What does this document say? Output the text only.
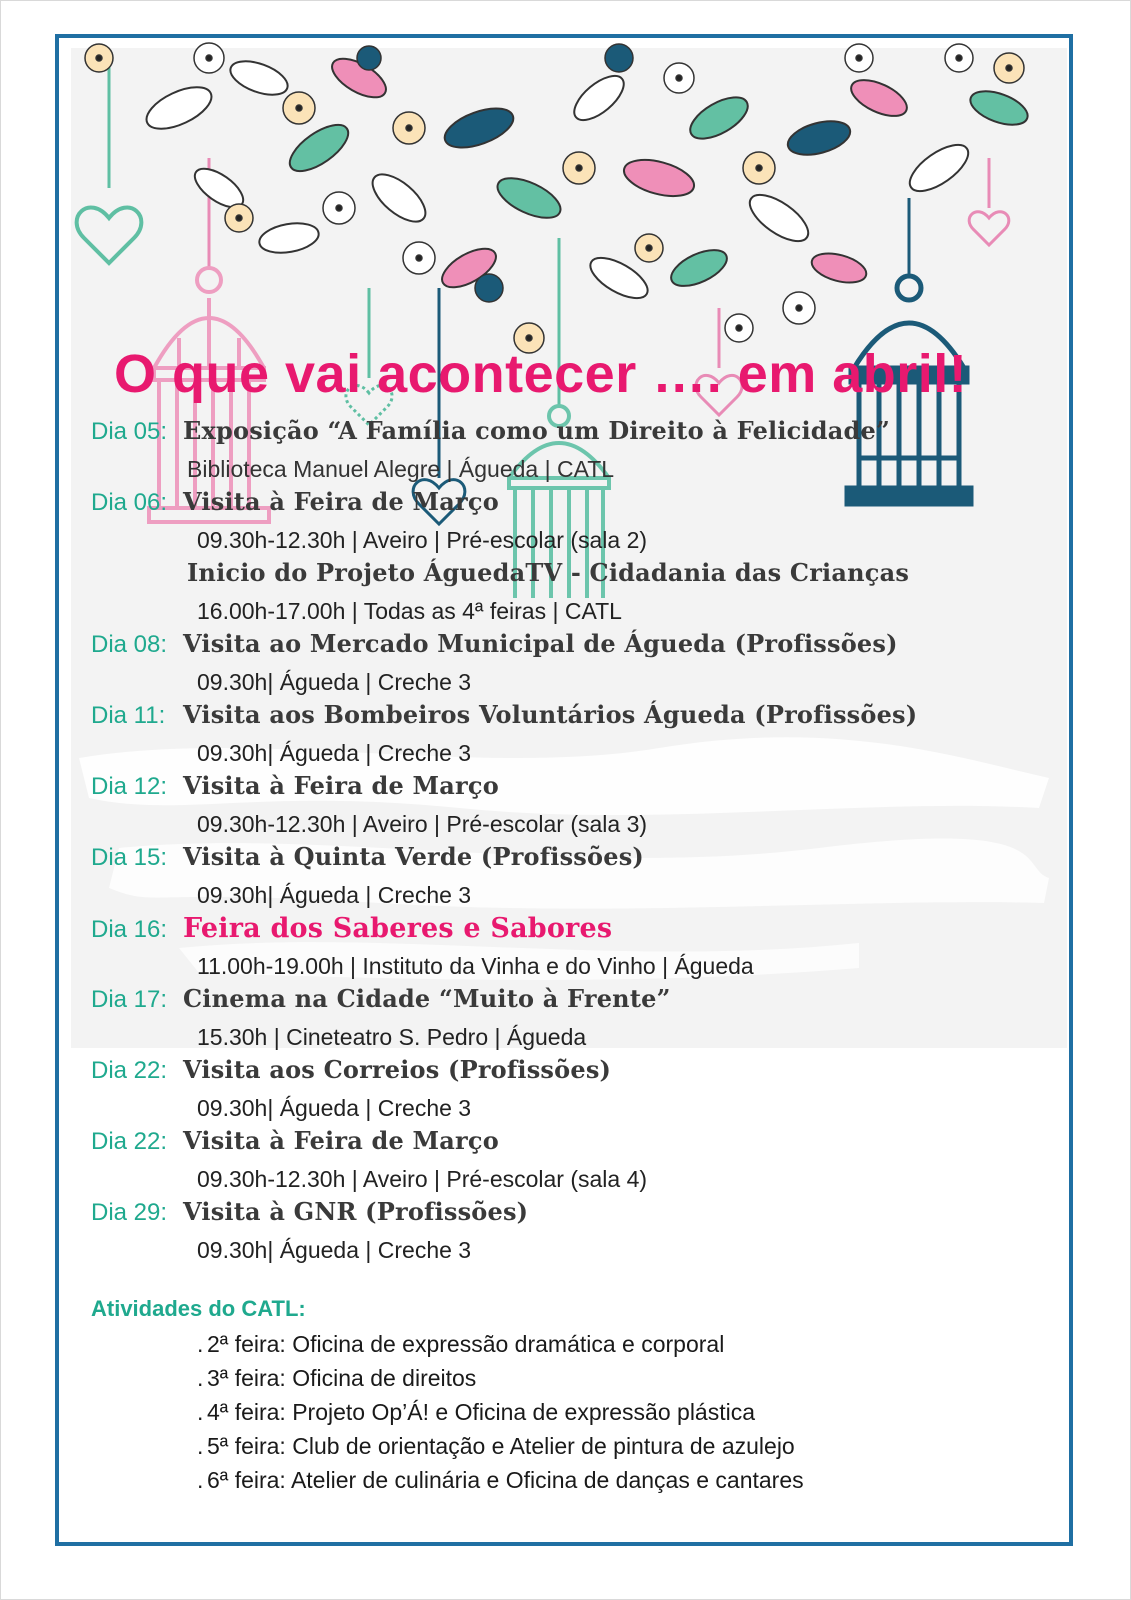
O que vai acontecer …. em abril!
Dia 05: Exposição “A Família como um Direito à Felicidade”
Biblioteca Manuel Alegre | Águeda | CATL
Dia 06: Visita à Feira de Março
09.30h-12.30h | Aveiro | Pré-escolar (sala 2)
Inicio do Projeto ÁguedaTV - Cidadania das Crianças
16.00h-17.00h | Todas as 4ª feiras | CATL
Dia 08: Visita ao Mercado Municipal de Águeda (Profissões)
09.30h| Águeda | Creche 3
Dia 11: Visita aos Bombeiros Voluntários Águeda (Profissões)
09.30h| Águeda | Creche 3
Dia 12: Visita à Feira de Março
09.30h-12.30h | Aveiro | Pré-escolar (sala 3)
Dia 15: Visita à Quinta Verde (Profissões)
09.30h| Águeda | Creche 3
Dia 16: Feira dos Saberes e Sabores
11.00h-19.00h | Instituto da Vinha e do Vinho | Águeda
Dia 17: Cinema na Cidade “Muito à Frente”
15.30h | Cineteatro S. Pedro | Águeda
Dia 22: Visita aos Correios (Profissões)
09.30h| Águeda | Creche 3
Dia 22: Visita à Feira de Março
09.30h-12.30h | Aveiro | Pré-escolar (sala 4)
Dia 29: Visita à GNR (Profissões)
09.30h| Águeda | Creche 3
Atividades do CATL:
. 2ª feira: Oficina de expressão dramática e corporal
. 3ª feira: Oficina de direitos
. 4ª feira: Projeto Op’Á! e Oficina de expressão plástica
. 5ª feira: Club de orientação e Atelier de pintura de azulejo
. 6ª feira: Atelier de culinária e Oficina de danças e cantares
